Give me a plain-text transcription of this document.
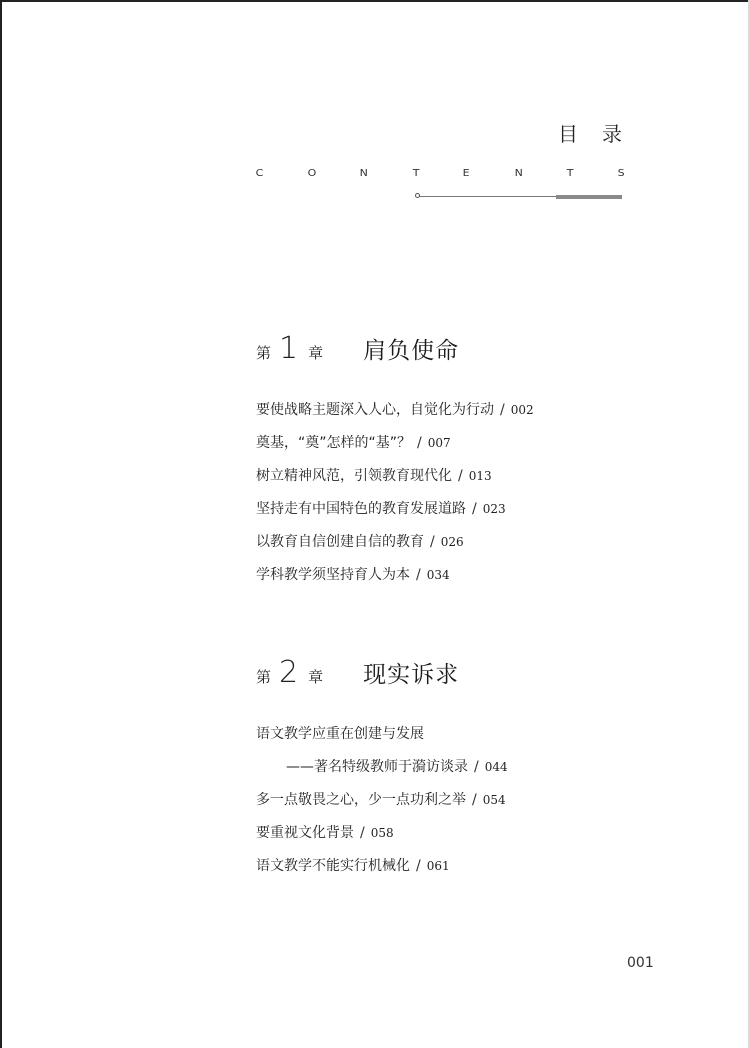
目录
C	O	N	T	E	N	T	S
第 1 章 肩负使命
要使战略主题深入人心，自觉化为行动 / 002
奠基，“奠”怎样的“基”？ / 007
树立精神风范，引领教育现代化 / 013
坚持走有中国特色的教育发展道路 / 023
以教育自信创建自信的教育 / 026
学科教学须坚持育人为本 / 034
第 2 章 现实诉求
语文教学应重在创建与发展
——著名特级教师于漪访谈录 / 044
多一点敬畏之心，少一点功利之举 / 054
要重视文化背景 / 058
语文教学不能实行机械化 / 061
001
